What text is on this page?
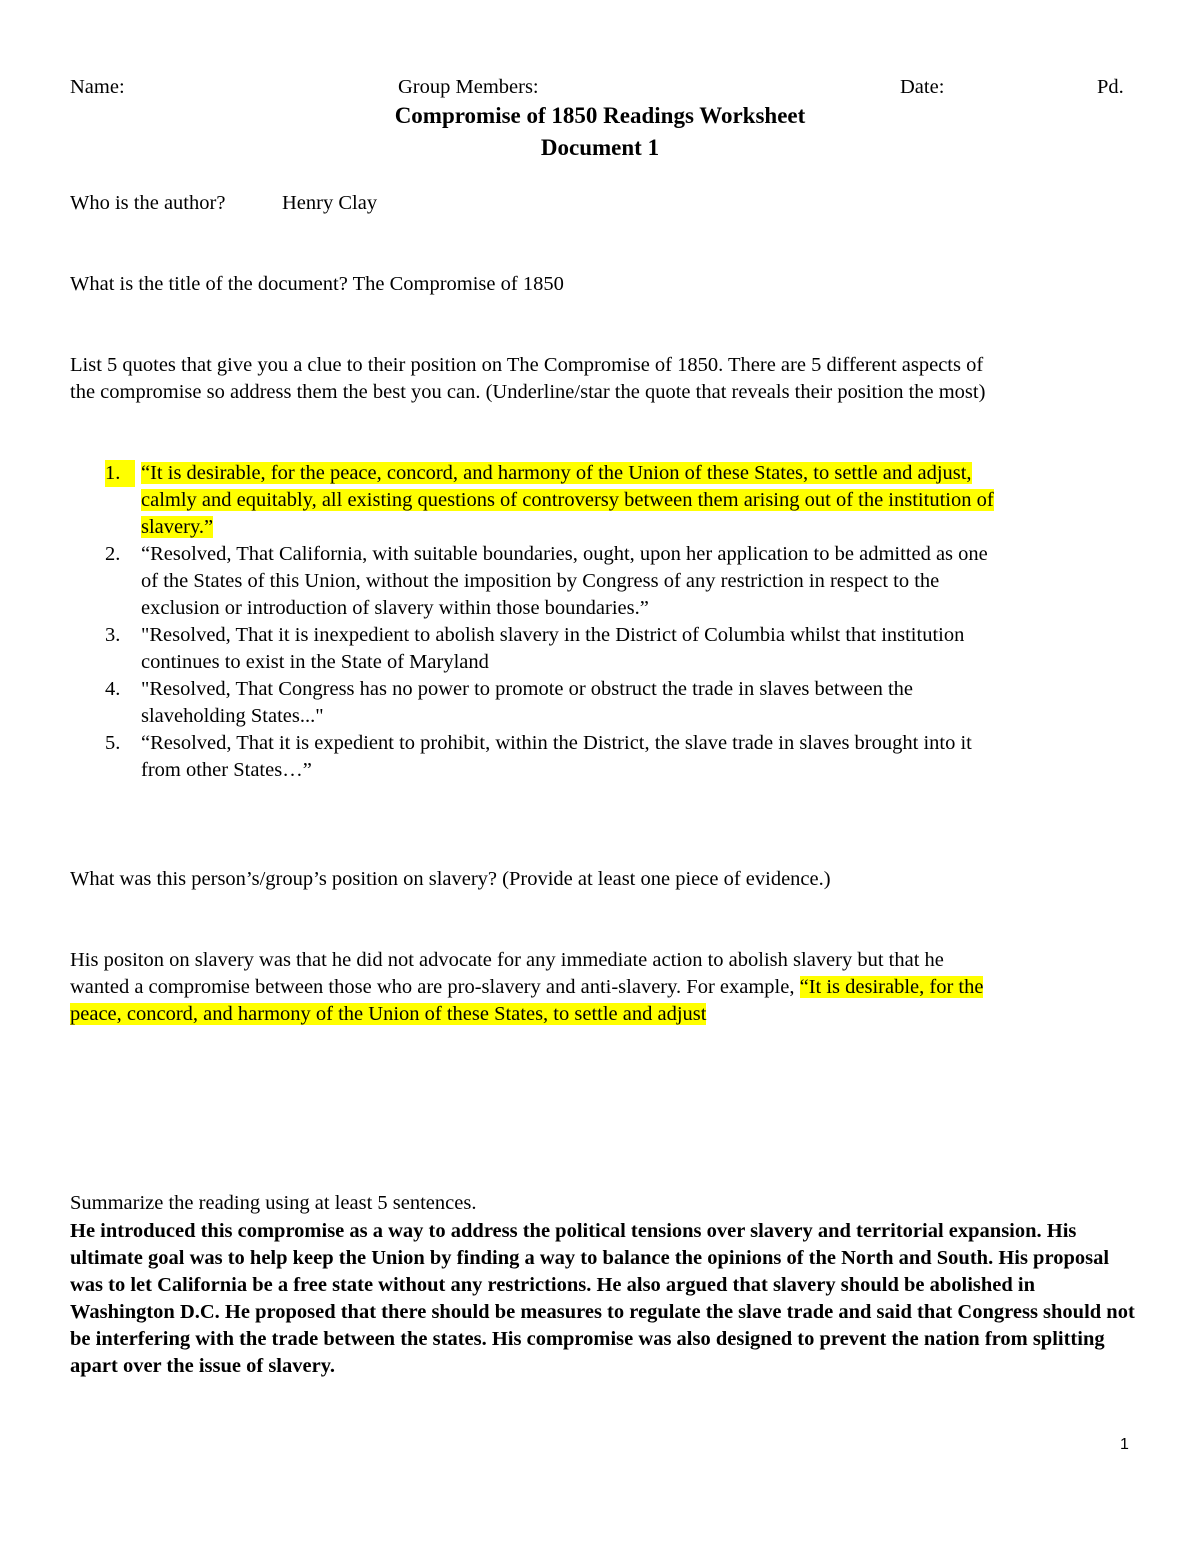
Name:	Group Members:	Date:	Pd.
Compromise of 1850 Readings Worksheet
Document 1
Who is the author?	Henry Clay
What is the title of the document? The Compromise of 1850
List 5 quotes that give you a clue to their position on The Compromise of 1850. There are 5 different aspects of
the compromise so address them the best you can. (Underline/star the quote that reveals their position the most)
1.	“It is desirable, for the peace, concord, and harmony of the Union of these States, to settle and adjust,
calmly and equitably, all existing questions of controversy between them arising out of the institution of
slavery.”
2.	“Resolved, That California, with suitable boundaries, ought, upon her application to be admitted as one
of the States of this Union, without the imposition by Congress of any restriction in respect to the
exclusion or introduction of slavery within those boundaries.”
3.	"Resolved, That it is inexpedient to abolish slavery in the District of Columbia whilst that institution
continues to exist in the State of Maryland
4.	"Resolved, That Congress has no power to promote or obstruct the trade in slaves between the
slaveholding States..."
5.	“Resolved, That it is expedient to prohibit, within the District, the slave trade in slaves brought into it
from other States…”
What was this person’s/group’s position on slavery? (Provide at least one piece of evidence.)
His positon on slavery was that he did not advocate for any immediate action to abolish slavery but that he
wanted a compromise between those who are pro-slavery and anti-slavery. For example, “It is desirable, for the
peace, concord, and harmony of the Union of these States, to settle and adjust
Summarize the reading using at least 5 sentences.
He introduced this compromise as a way to address the political tensions over slavery and territorial expansion. His ultimate goal was to help keep the Union by finding a way to balance the opinions of the North and South. His proposal was to let California be a free state without any restrictions. He also argued that slavery should be abolished in Washington D.C. He proposed that there should be measures to regulate the slave trade and said that Congress should not be interfering with the trade between the states. His compromise was also designed to prevent the nation from splitting apart over the issue of slavery.
1
